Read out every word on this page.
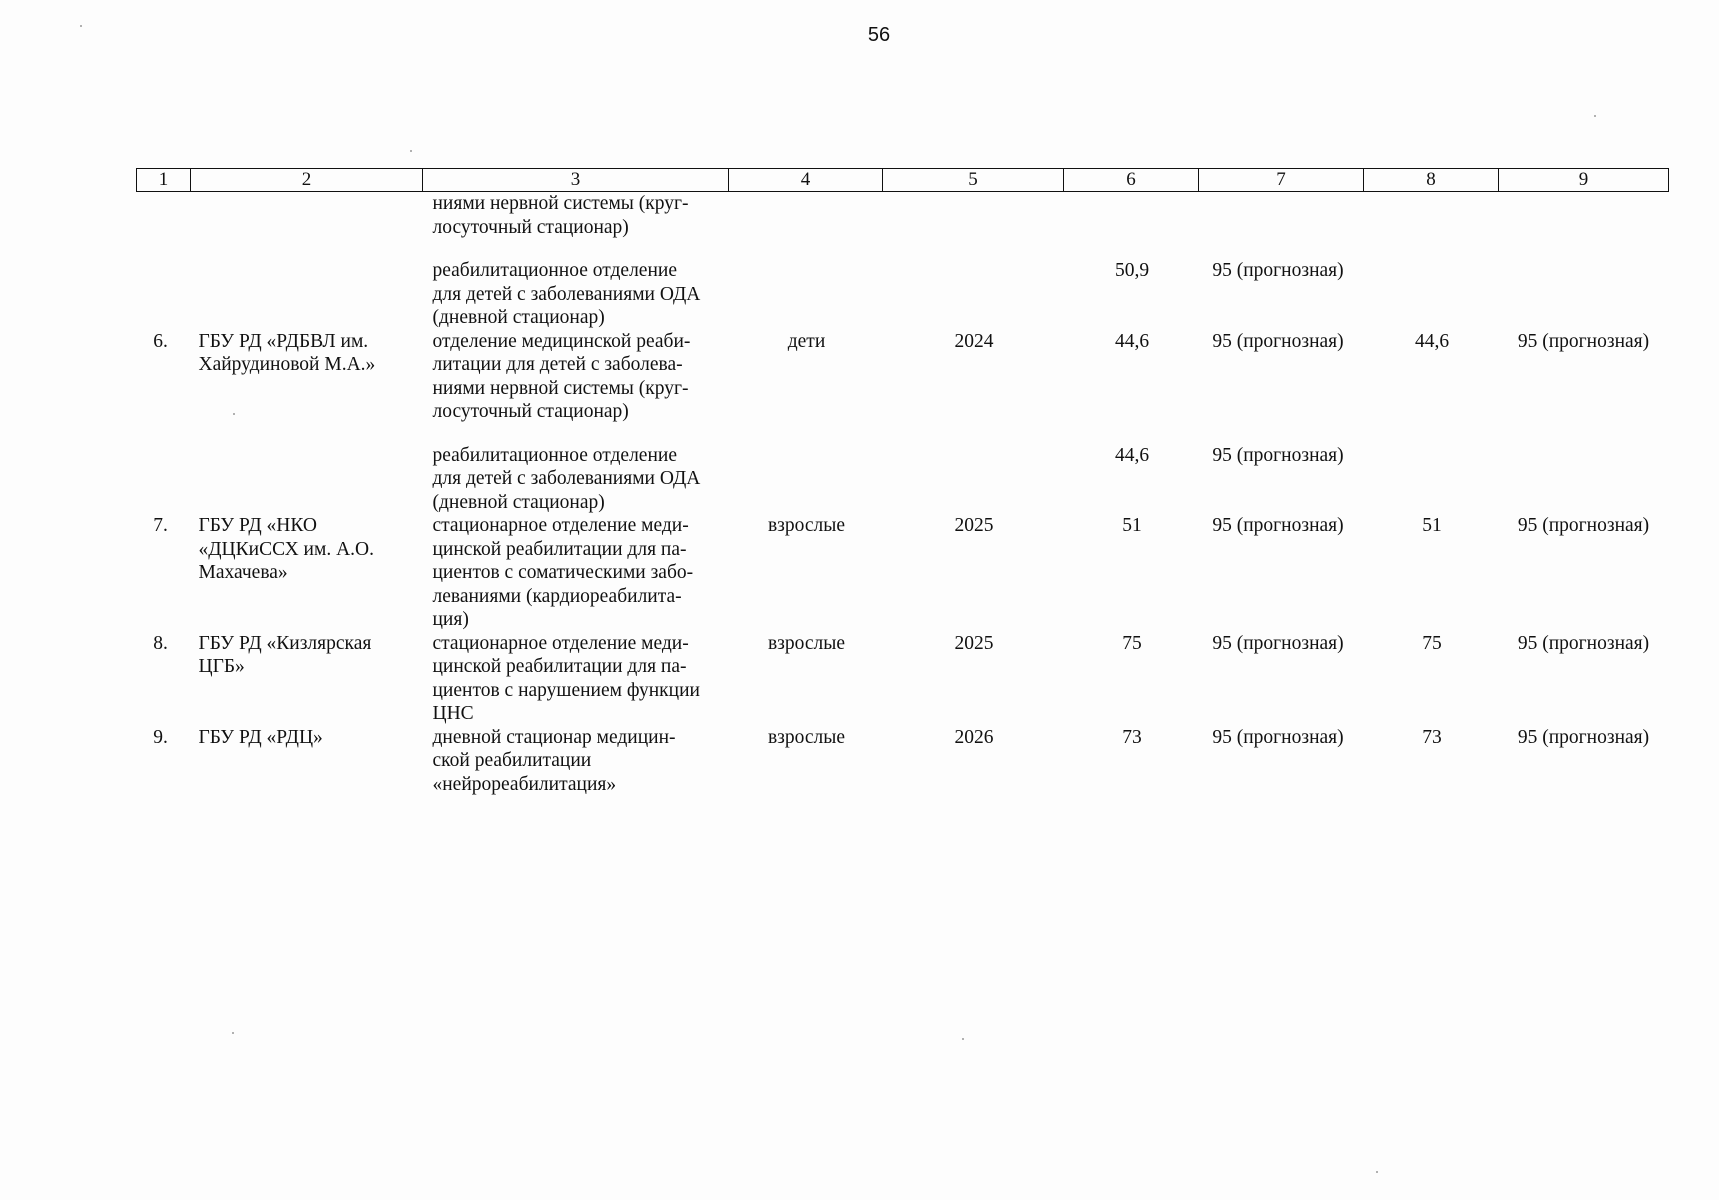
56
1	2	3	4	5	6	7	8	9
		ниями нервной системы (круг-
лосуточный стационар)						

		реабилитационное отделение
для детей с заболеваниями ОДА
(дневной стационар)			50,9	95 (прогнозная)		
6.	ГБУ РД «РДБВЛ им.
Хайрудиновой М.А.»	отделение медицинской реаби-
литации для детей с заболева-
ниями нервной системы (круг-
лосуточный стационар)	дети	2024	44,6	95 (прогнозная)	44,6	95 (прогнозная)

		реабилитационное отделение
для детей с заболеваниями ОДА
(дневной стационар)			44,6	95 (прогнозная)		
7.	ГБУ РД «НКО
«ДЦКиССХ им. А.О.
Махачева»	стационарное отделение меди-
цинской реабилитации для па-
циентов с соматическими забо-
леваниями (кардиореабилита-
ция)	взрослые	2025	51	95 (прогнозная)	51	95 (прогнозная)
8.	ГБУ РД «Кизлярская
ЦГБ»	стационарное отделение меди-
цинской реабилитации для па-
циентов с нарушением функции
ЦНС	взрослые	2025	75	95 (прогнозная)	75	95 (прогнозная)
9.	ГБУ РД «РДЦ»	дневной стационар медицин-
ской реабилитации
«нейрореабилитация»	взрослые	2026	73	95 (прогнозная)	73	95 (прогнозная)
